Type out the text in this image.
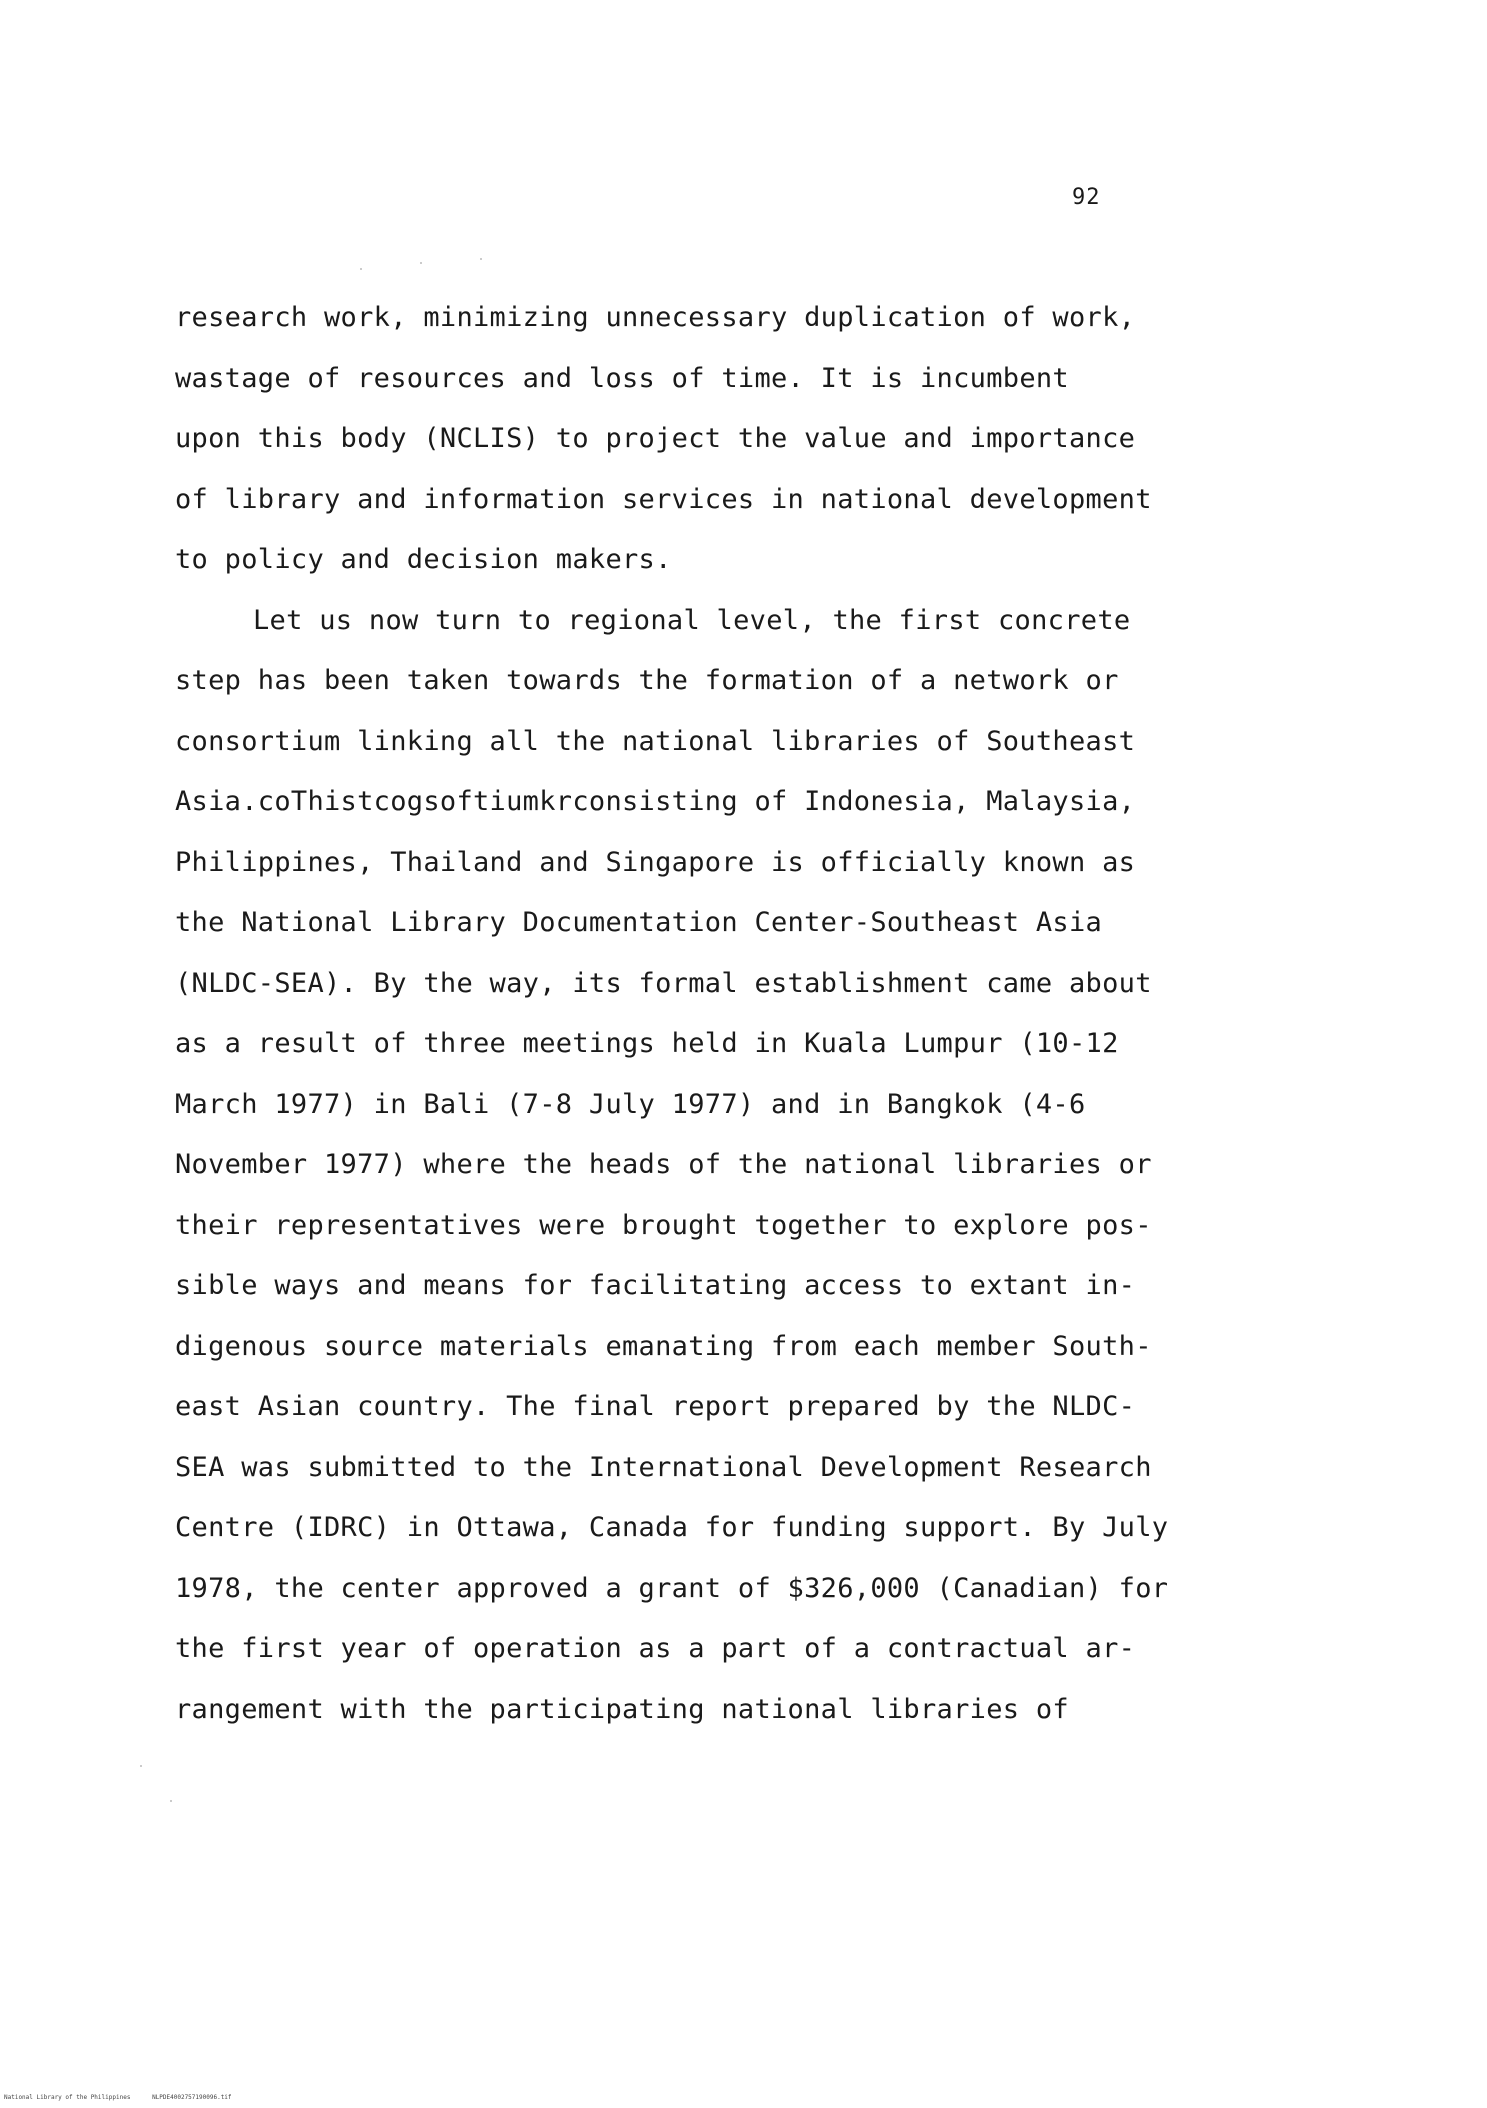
92
research work, minimizing unnecessary duplication of work,
wastage of resources and loss of time. It is incumbent
upon this body (NCLIS) to project the value and importance
of library and information services in national development
to policy and decision makers.
Let us now turn to regional level, the first concrete
step has been taken towards the formation of a network or
consortium linking all the national libraries of Southeast
Asia.coThistcogsoftiumkrconsisting of Indonesia, Malaysia,
Philippines, Thailand and Singapore is officially known as
the National Library Documentation Center-Southeast Asia
(NLDC-SEA). By the way, its formal establishment came about
as a result of three meetings held in Kuala Lumpur (10-12
March 1977) in Bali (7-8 July 1977) and in Bangkok (4-6
November 1977) where the heads of the national libraries or
their representatives were brought together to explore pos-
sible ways and means for facilitating access to extant in-
digenous source materials emanating from each member South-
east Asian country. The final report prepared by the NLDC-
SEA was submitted to the International Development Research
Centre (IDRC) in Ottawa, Canada for funding support. By July
1978, the center approved a grant of $326,000 (Canadian) for
the first year of operation as a part of a contractual ar-
rangement with the participating national libraries of
National Library of the Philippines	NLPDE4002757190096.tif
